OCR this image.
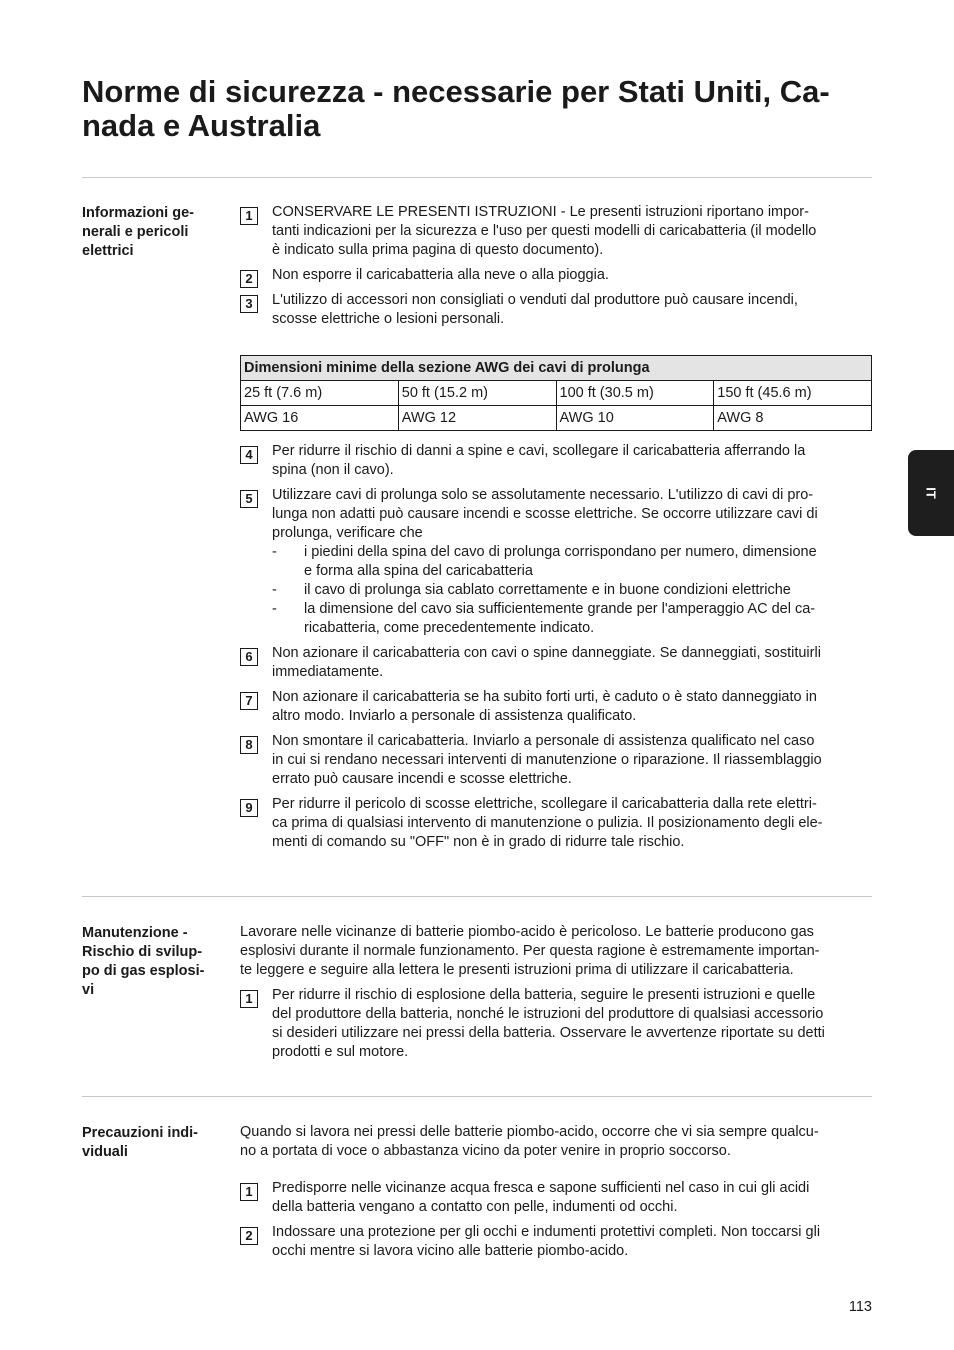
Norme di sicurezza - necessarie per Stati Uniti, Ca-
nada e Australia
Informazioni ge-
nerali e pericoli
elettrici
1	CONSERVARE LE PRESENTI ISTRUZIONI - Le presenti istruzioni riportano impor-
tanti indicazioni per la sicurezza e l'uso per questi modelli di caricabatteria (il modello
è indicato sulla prima pagina di questo documento).
2	Non esporre il caricabatteria alla neve o alla pioggia.
3	L'utilizzo di accessori non consigliati o venduti dal produttore può causare incendi,
scosse elettriche o lesioni personali.
Dimensioni minime della sezione AWG dei cavi di prolunga			
25 ft (7.6 m)	50 ft (15.2 m)	100 ft (30.5 m)	150 ft (45.6 m)
AWG 16	AWG 12	AWG 10	AWG 8
4	Per ridurre il rischio di danni a spine e cavi, scollegare il caricabatteria afferrando la
spina (non il cavo).
5	Utilizzare cavi di prolunga solo se assolutamente necessario. L'utilizzo di cavi di pro-
lunga non adatti può causare incendi e scosse elettriche. Se occorre utilizzare cavi di
prolunga, verificare che
- i piedini della spina del cavo di prolunga corrispondano per numero, dimensione
e forma alla spina del caricabatteria
- il cavo di prolunga sia cablato correttamente e in buone condizioni elettriche
- la dimensione del cavo sia sufficientemente grande per l'amperaggio AC del ca-
ricabatteria, come precedentemente indicato.
6	Non azionare il caricabatteria con cavi o spine danneggiate. Se danneggiati, sostituirli
immediatamente.
7	Non azionare il caricabatteria se ha subito forti urti, è caduto o è stato danneggiato in
altro modo. Inviarlo a personale di assistenza qualificato.
8	Non smontare il caricabatteria. Inviarlo a personale di assistenza qualificato nel caso
in cui si rendano necessari interventi di manutenzione o riparazione. Il riassemblaggio
errato può causare incendi e scosse elettriche.
9	Per ridurre il pericolo di scosse elettriche, scollegare il caricabatteria dalla rete elettri-
ca prima di qualsiasi intervento di manutenzione o pulizia. Il posizionamento degli ele-
menti di comando su "OFF" non è in grado di ridurre tale rischio.
Manutenzione -
Rischio di svilup-
po di gas esplosi-
vi
Lavorare nelle vicinanze di batterie piombo-acido è pericoloso. Le batterie producono gas
esplosivi durante il normale funzionamento. Per questa ragione è estremamente importan-
te leggere e seguire alla lettera le presenti istruzioni prima di utilizzare il caricabatteria.
1	Per ridurre il rischio di esplosione della batteria, seguire le presenti istruzioni e quelle
del produttore della batteria, nonché le istruzioni del produttore di qualsiasi accessorio
si desideri utilizzare nei pressi della batteria. Osservare le avvertenze riportate su detti
prodotti e sul motore.
Precauzioni indi-
viduali
Quando si lavora nei pressi delle batterie piombo-acido, occorre che vi sia sempre qualcu-
no a portata di voce o abbastanza vicino da poter venire in proprio soccorso.
1	Predisporre nelle vicinanze acqua fresca e sapone sufficienti nel caso in cui gli acidi
della batteria vengano a contatto con pelle, indumenti od occhi.
2	Indossare una protezione per gli occhi e indumenti protettivi completi. Non toccarsi gli
occhi mentre si lavora vicino alle batterie piombo-acido.
IT
113
